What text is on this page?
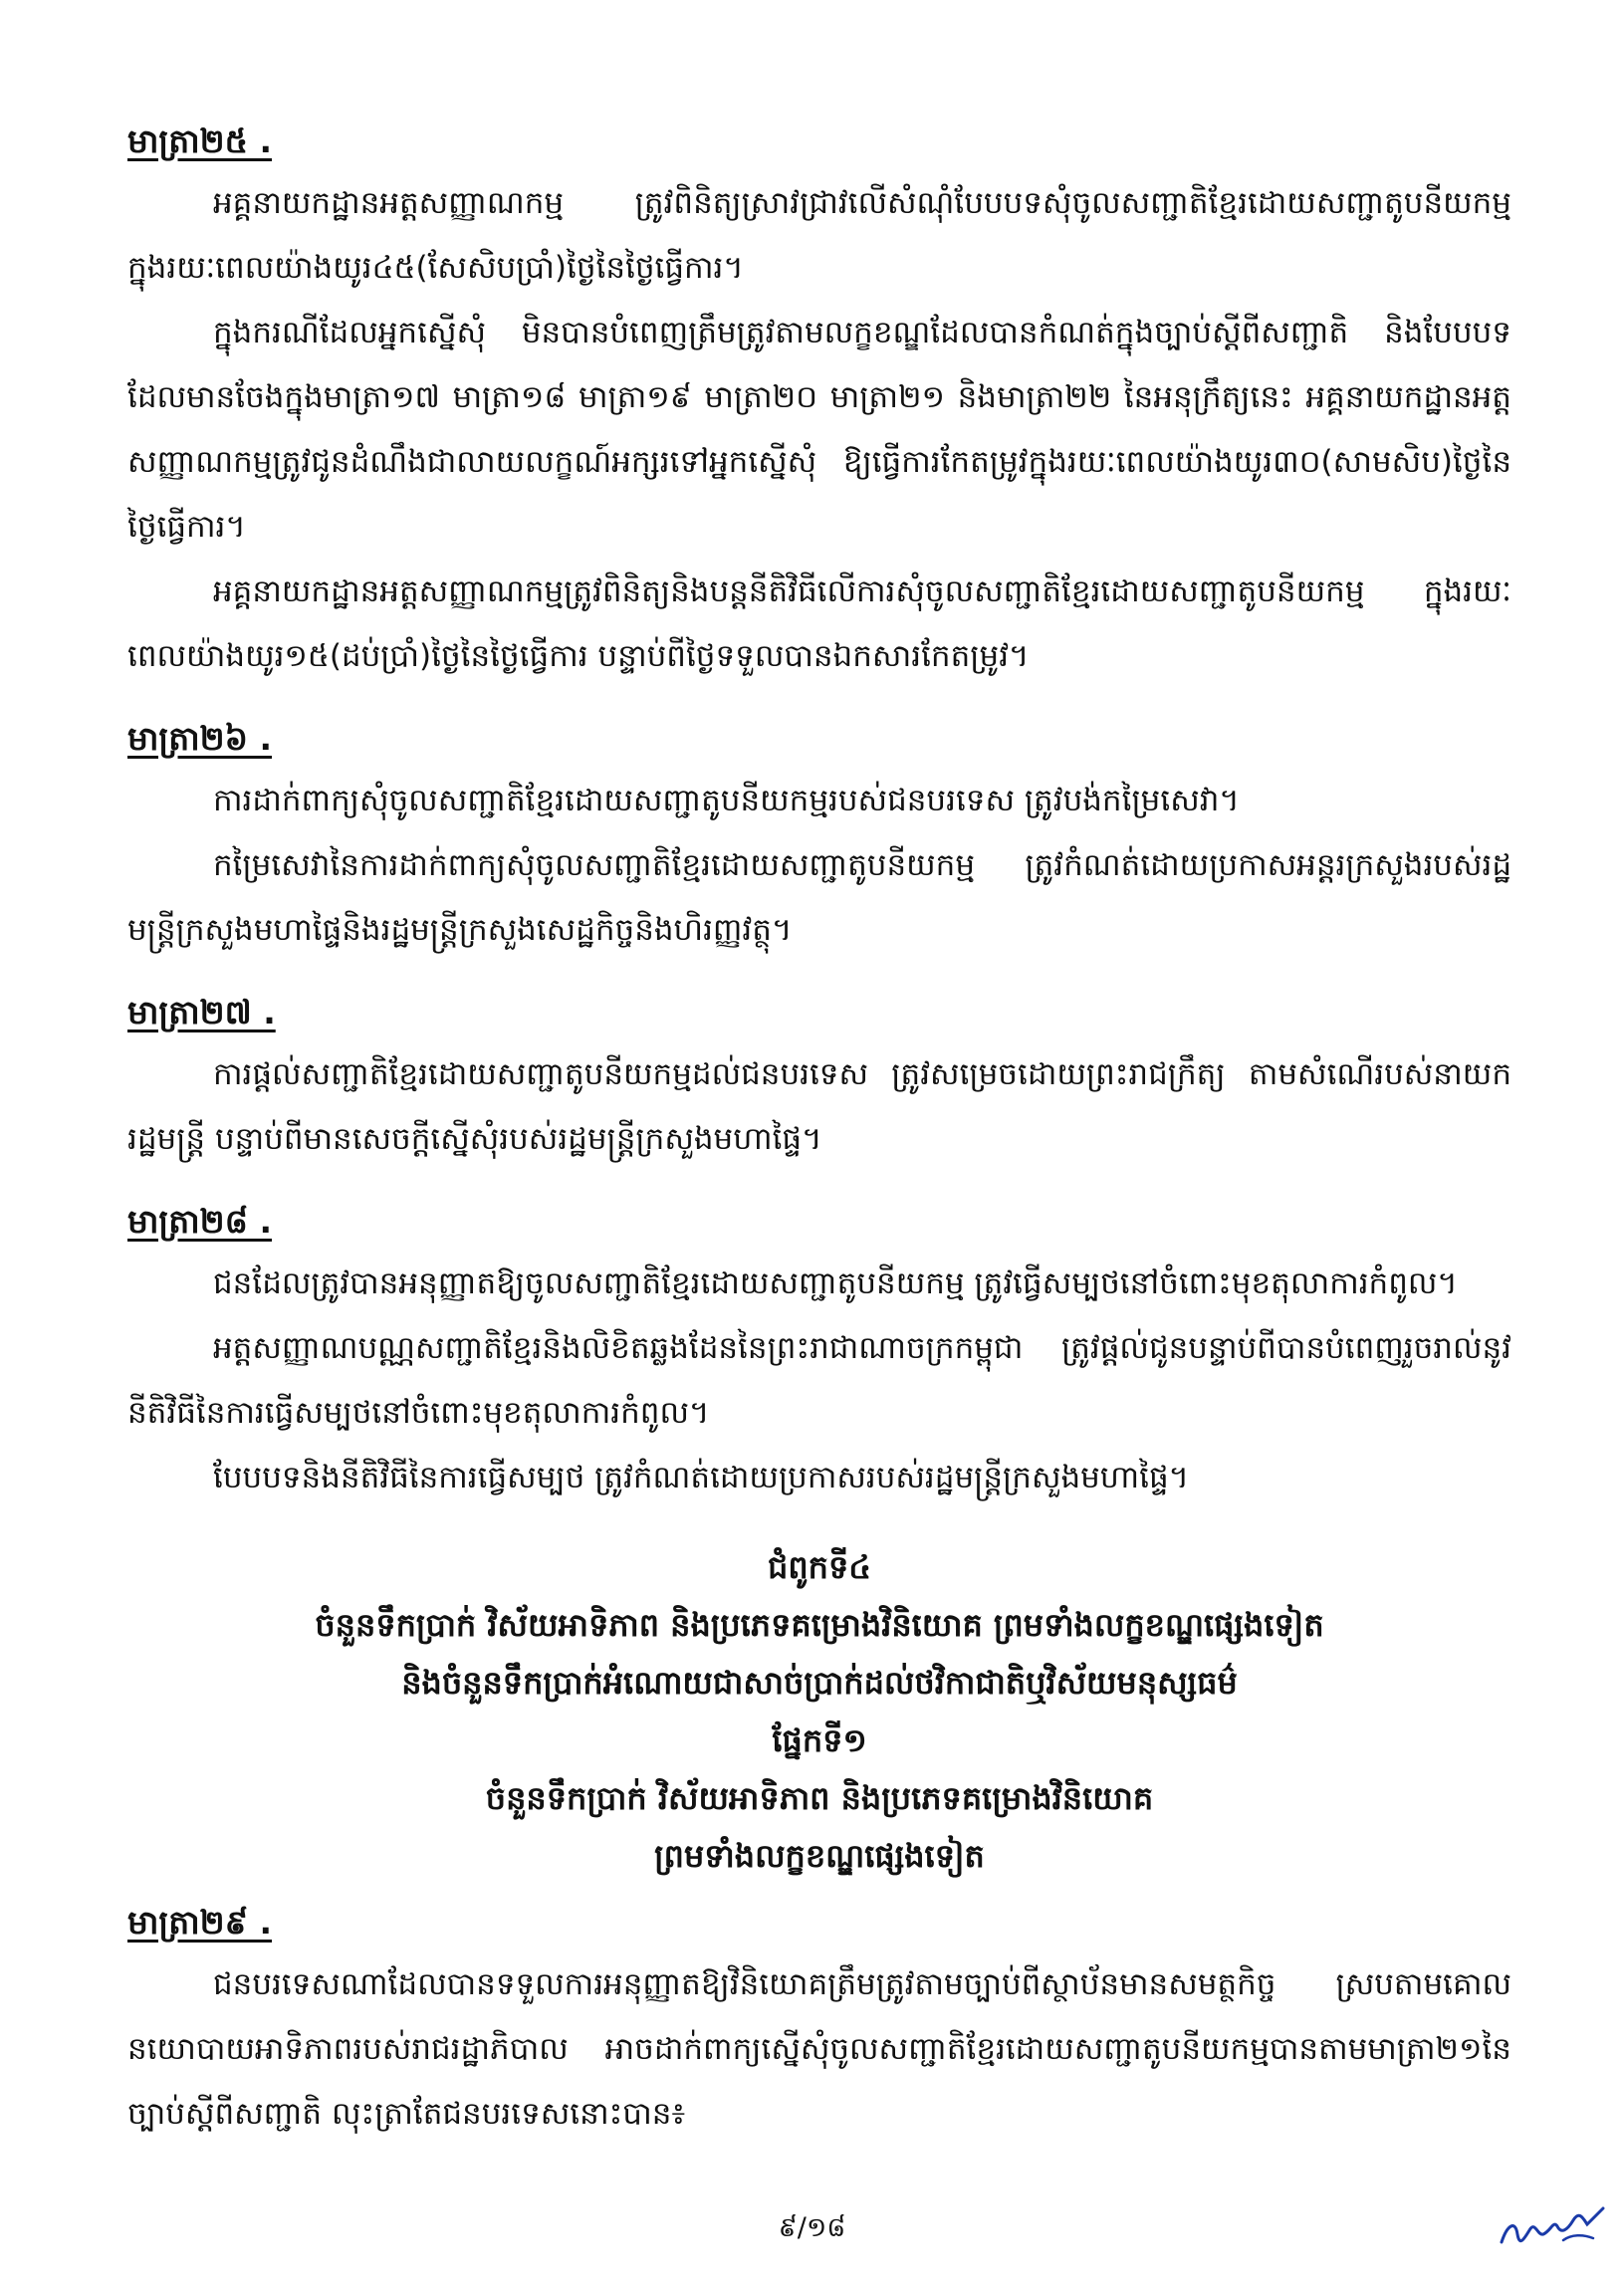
មាត្រា២៥ .

អគ្គនាយកដ្ឋានអត្តសញ្ញាណកម្ម ត្រូវពិនិត្យស្រាវជ្រាវលើសំណុំបែបបទសុំចូលសញ្ជាតិខ្មែរដោយសញ្ជាតូបនីយកម្ម ក្នុងរយៈពេលយ៉ាងយូរ៤៥(សែសិបប្រាំ)ថ្ងៃនៃថ្ងៃធ្វើការ។

ក្នុងករណីដែលអ្នកស្នើសុំ មិនបានបំពេញត្រឹមត្រូវតាមលក្ខខណ្ឌដែលបានកំណត់ក្នុងច្បាប់ស្ដីពីសញ្ជាតិ និងបែបបទដែលមានចែងក្នុងមាត្រា១៧ មាត្រា១៨ មាត្រា១៩ មាត្រា២០ មាត្រា២១ និងមាត្រា២២ នៃអនុក្រឹត្យនេះ អគ្គនាយកដ្ឋានអត្តសញ្ញាណកម្មត្រូវជូនដំណឹងជាលាយលក្ខណ៍អក្សរទៅអ្នកស្នើសុំ ឱ្យធ្វើការកែតម្រូវក្នុងរយៈពេលយ៉ាងយូរ៣០(សាមសិប)ថ្ងៃនៃថ្ងៃធ្វើការ។

អគ្គនាយកដ្ឋានអត្តសញ្ញាណកម្មត្រូវពិនិត្យនិងបន្តនីតិវិធីលើការសុំចូលសញ្ជាតិខ្មែរដោយសញ្ជាតូបនីយកម្ម ក្នុងរយៈពេលយ៉ាងយូរ១៥(ដប់ប្រាំ)ថ្ងៃនៃថ្ងៃធ្វើការ បន្ទាប់ពីថ្ងៃទទួលបានឯកសារកែតម្រូវ។

មាត្រា២៦ .

ការដាក់ពាក្យសុំចូលសញ្ជាតិខ្មែរដោយសញ្ជាតូបនីយកម្មរបស់ជនបរទេស ត្រូវបង់កម្រៃសេវា។

កម្រៃសេវានៃការដាក់ពាក្យសុំចូលសញ្ជាតិខ្មែរដោយសញ្ជាតូបនីយកម្ម ត្រូវកំណត់ដោយប្រកាសអន្តរក្រសួងរបស់រដ្ឋមន្ត្រីក្រសួងមហាផ្ទៃនិងរដ្ឋមន្ត្រីក្រសួងសេដ្ឋកិច្ចនិងហិរញ្ញវត្ថុ។

មាត្រា២៧ .

ការផ្ដល់សញ្ជាតិខ្មែរដោយសញ្ជាតូបនីយកម្មដល់ជនបរទេស ត្រូវសម្រេចដោយព្រះរាជក្រឹត្យ តាមសំណើរបស់នាយករដ្ឋមន្ត្រី បន្ទាប់ពីមានសេចក្ដីស្នើសុំរបស់រដ្ឋមន្ត្រីក្រសួងមហាផ្ទៃ។

មាត្រា២៨ .

ជនដែលត្រូវបានអនុញ្ញាតឱ្យចូលសញ្ជាតិខ្មែរដោយសញ្ជាតូបនីយកម្ម ត្រូវធ្វើសម្បថនៅចំពោះមុខតុលាការកំពូល។

អត្តសញ្ញាណបណ្ណសញ្ជាតិខ្មែរនិងលិខិតឆ្លងដែននៃព្រះរាជាណាចក្រកម្ពុជា ត្រូវផ្ដល់ជូនបន្ទាប់ពីបានបំពេញរួចរាល់នូវនីតិវិធីនៃការធ្វើសម្បថនៅចំពោះមុខតុលាការកំពូល។

បែបបទនិងនីតិវិធីនៃការធ្វើសម្បថ ត្រូវកំណត់ដោយប្រកាសរបស់រដ្ឋមន្ត្រីក្រសួងមហាផ្ទៃ។

ជំពូកទី៤
ចំនួនទឹកប្រាក់ វិស័យអាទិភាព និងប្រភេទគម្រោងវិនិយោគ ព្រមទាំងលក្ខខណ្ឌផ្សេងទៀត
និងចំនួនទឹកប្រាក់អំណោយជាសាច់ប្រាក់ដល់ថវិកាជាតិឬវិស័យមនុស្សធម៌
ផ្នែកទី១
ចំនួនទឹកប្រាក់ វិស័យអាទិភាព និងប្រភេទគម្រោងវិនិយោគ
ព្រមទាំងលក្ខខណ្ឌផ្សេងទៀត
មាត្រា២៩ .

ជនបរទេសណាដែលបានទទួលការអនុញ្ញាតឱ្យវិនិយោគត្រឹមត្រូវតាមច្បាប់ពីស្ថាប័នមានសមត្ថកិច្ច ស្របតាមគោលនយោបាយអាទិភាពរបស់រាជរដ្ឋាភិបាល អាចដាក់ពាក្យស្នើសុំចូលសញ្ជាតិខ្មែរដោយសញ្ជាតូបនីយកម្មបានតាមមាត្រា២១នៃច្បាប់ស្ដីពីសញ្ជាតិ លុះត្រាតែជនបរទេសនោះបាន៖

៩/១៨
